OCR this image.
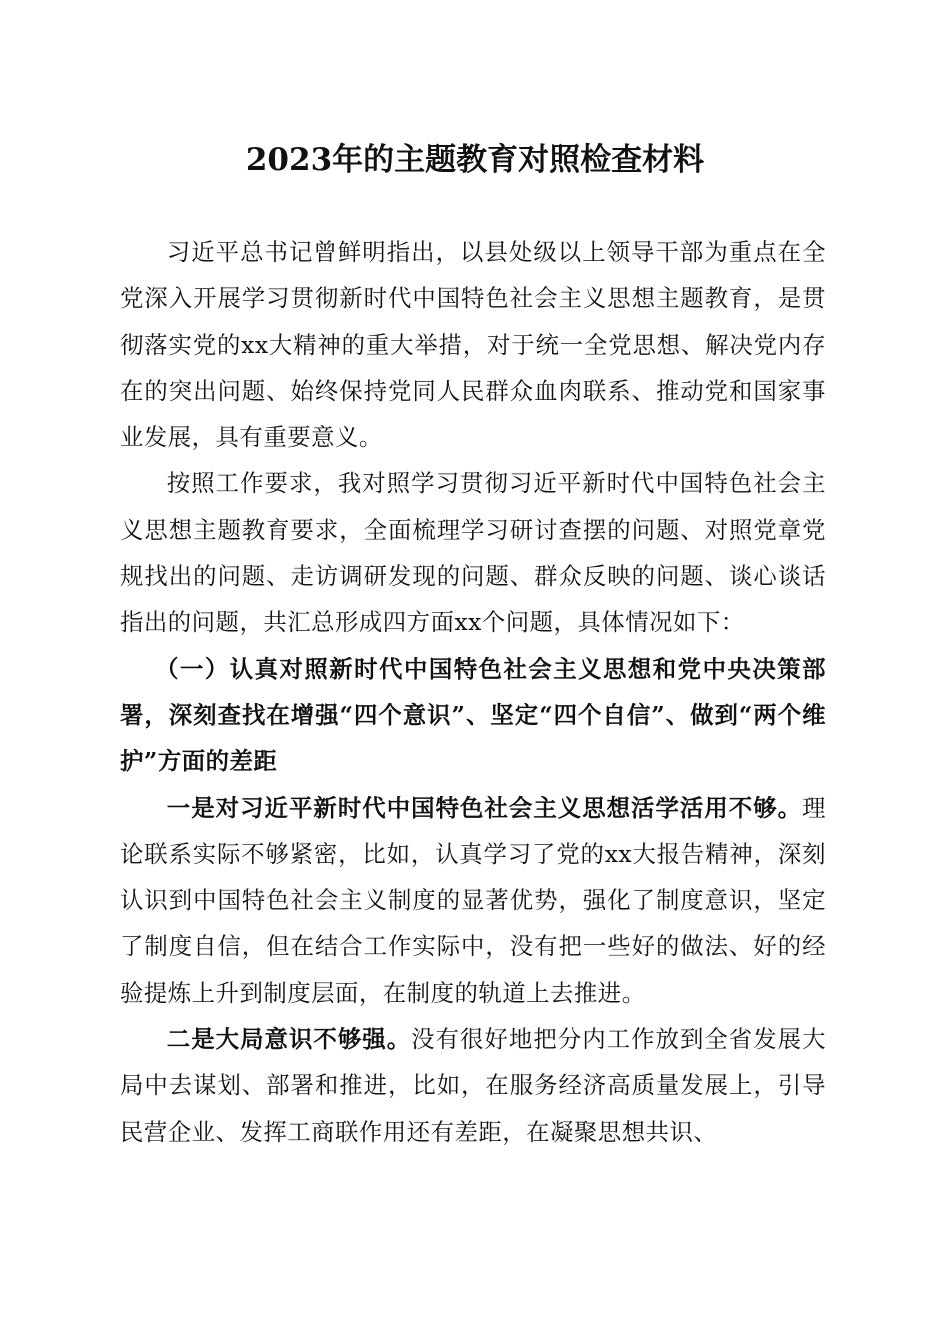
2023年的主题教育对照检查材料

习近平总书记曾鲜明指出，以县处级以上领导干部为重点在全党深入开展学习贯彻新时代中国特色社会主义思想主题教育，是贯彻落实党的xx大精神的重大举措，对于统一全党思想、解决党内存在的突出问题、始终保持党同人民群众血肉联系、推动党和国家事业发展，具有重要意义。

按照工作要求，我对照学习贯彻习近平新时代中国特色社会主义思想主题教育要求，全面梳理学习研讨查摆的问题、对照党章党规找出的问题、走访调研发现的问题、群众反映的问题、谈心谈话指出的问题，共汇总形成四方面xx个问题，具体情况如下：

（一）认真对照新时代中国特色社会主义思想和党中央决策部署，深刻查找在增强“四个意识”、坚定“四个自信”、做到“两个维护”方面的差距

一是对习近平新时代中国特色社会主义思想活学活用不够。理论联系实际不够紧密，比如，认真学习了党的xx大报告精神，深刻认识到中国特色社会主义制度的显著优势，强化了制度意识，坚定了制度自信，但在结合工作实际中，没有把一些好的做法、好的经验提炼上升到制度层面，在制度的轨道上去推进。

二是大局意识不够强。没有很好地把分内工作放到全省发展大局中去谋划、部署和推进，比如，在服务经济高质量发展上，引导民营企业、发挥工商联作用还有差距，在凝聚思想共识、
